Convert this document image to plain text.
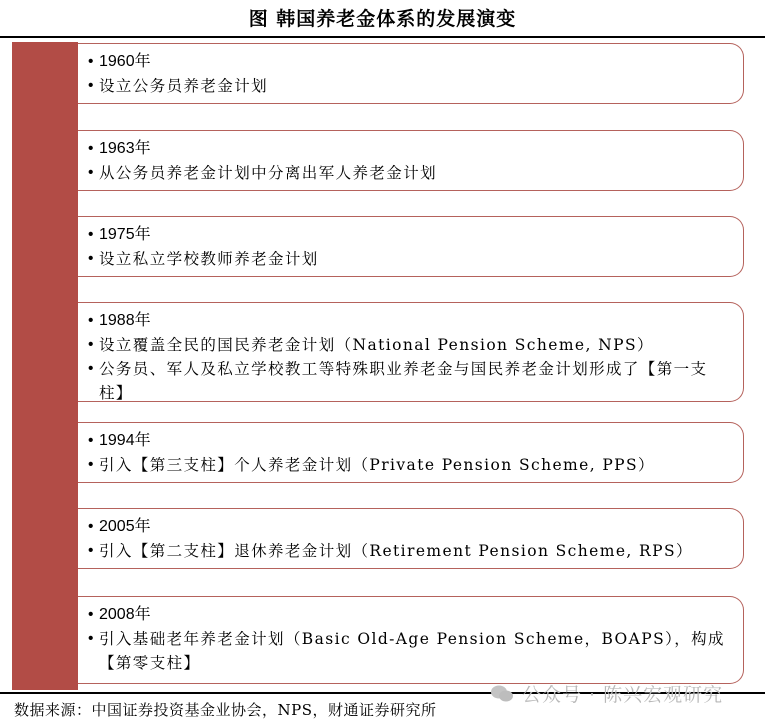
图 韩国养老金体系的发展演变
• 1960年
• 设立公务员养老金计划
• 1963年
• 从公务员养老金计划中分离出军人养老金计划
• 1975年
• 设立私立学校教师养老金计划
• 1988年
• 设立覆盖全民的国民养老金计划（National Pension Scheme, NPS）
• 公务员、军人及私立学校教工等特殊职业养老金与国民养老金计划形成了【第一支柱】
• 1994年
• 引入【第三支柱】个人养老金计划（Private Pension Scheme, PPS）
• 2005年
• 引入【第二支柱】退休养老金计划（Retirement Pension Scheme, RPS）
• 2008年
• 引入基础老年养老金计划（Basic Old-Age Pension Scheme，BOAPS），构成【第零支柱】
公众号 · 陈兴宏观研究
数据来源：中国证券投资基金业协会，NPS，财通证券研究所
